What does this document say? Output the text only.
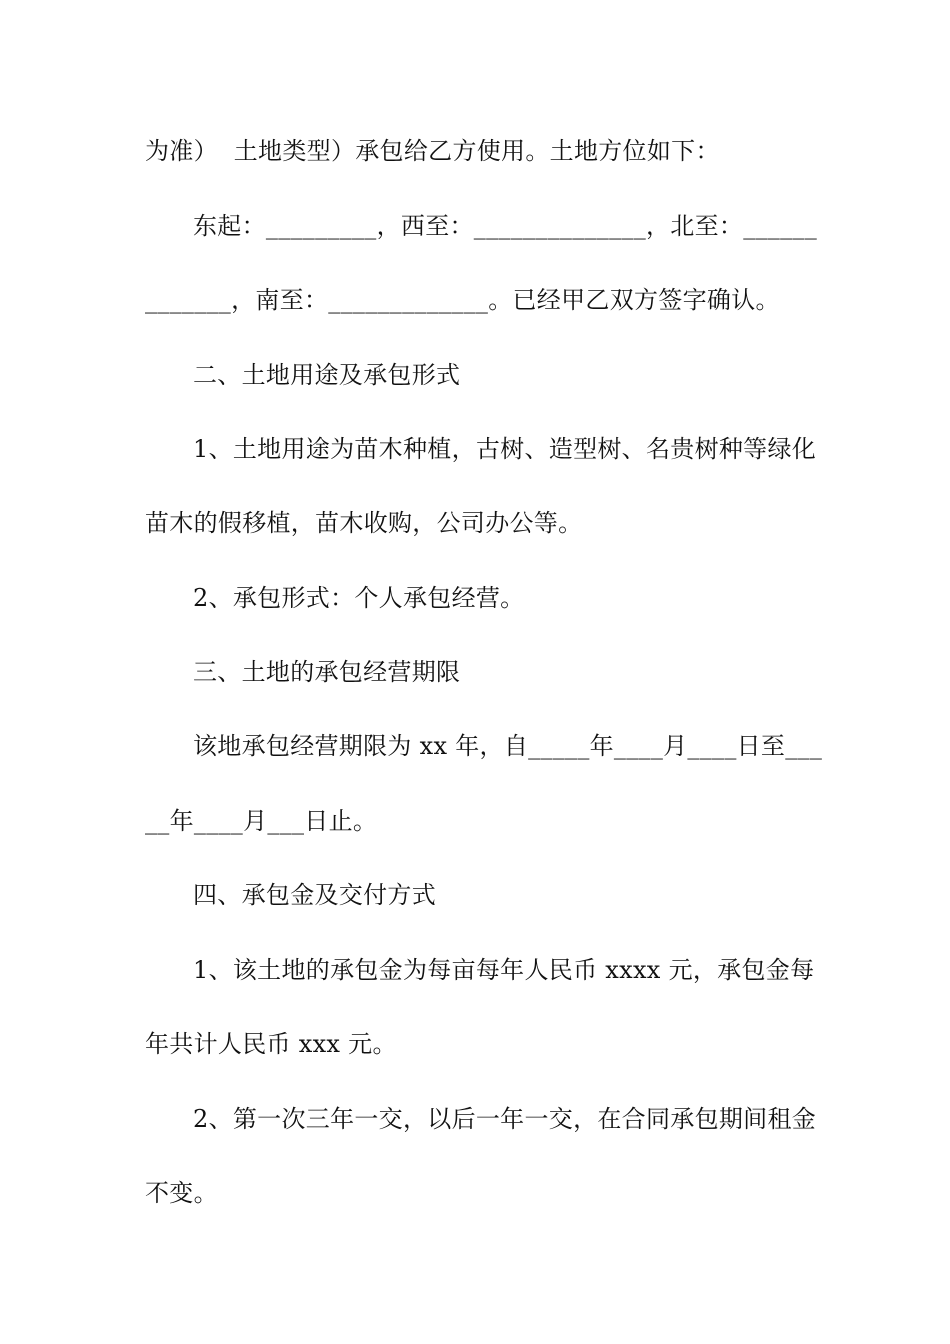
为准）  土地类型）承包给乙方使用。土地方位如下：
东起：_________，西至：______________，北至：______
_______，南至：_____________。已经甲乙双方签字确认。
二、土地用途及承包形式
1、土地用途为苗木种植，古树、造型树、名贵树种等绿化
苗木的假移植，苗木收购，公司办公等。
2、承包形式：个人承包经营。
三、土地的承包经营期限
该地承包经营期限为 xx 年，自_____年____月____日至___
__年____月___日止。
四、承包金及交付方式
1、该土地的承包金为每亩每年人民币 xxxx 元，承包金每
年共计人民币 xxx 元。
2、第一次三年一交，以后一年一交，在合同承包期间租金
不变。
